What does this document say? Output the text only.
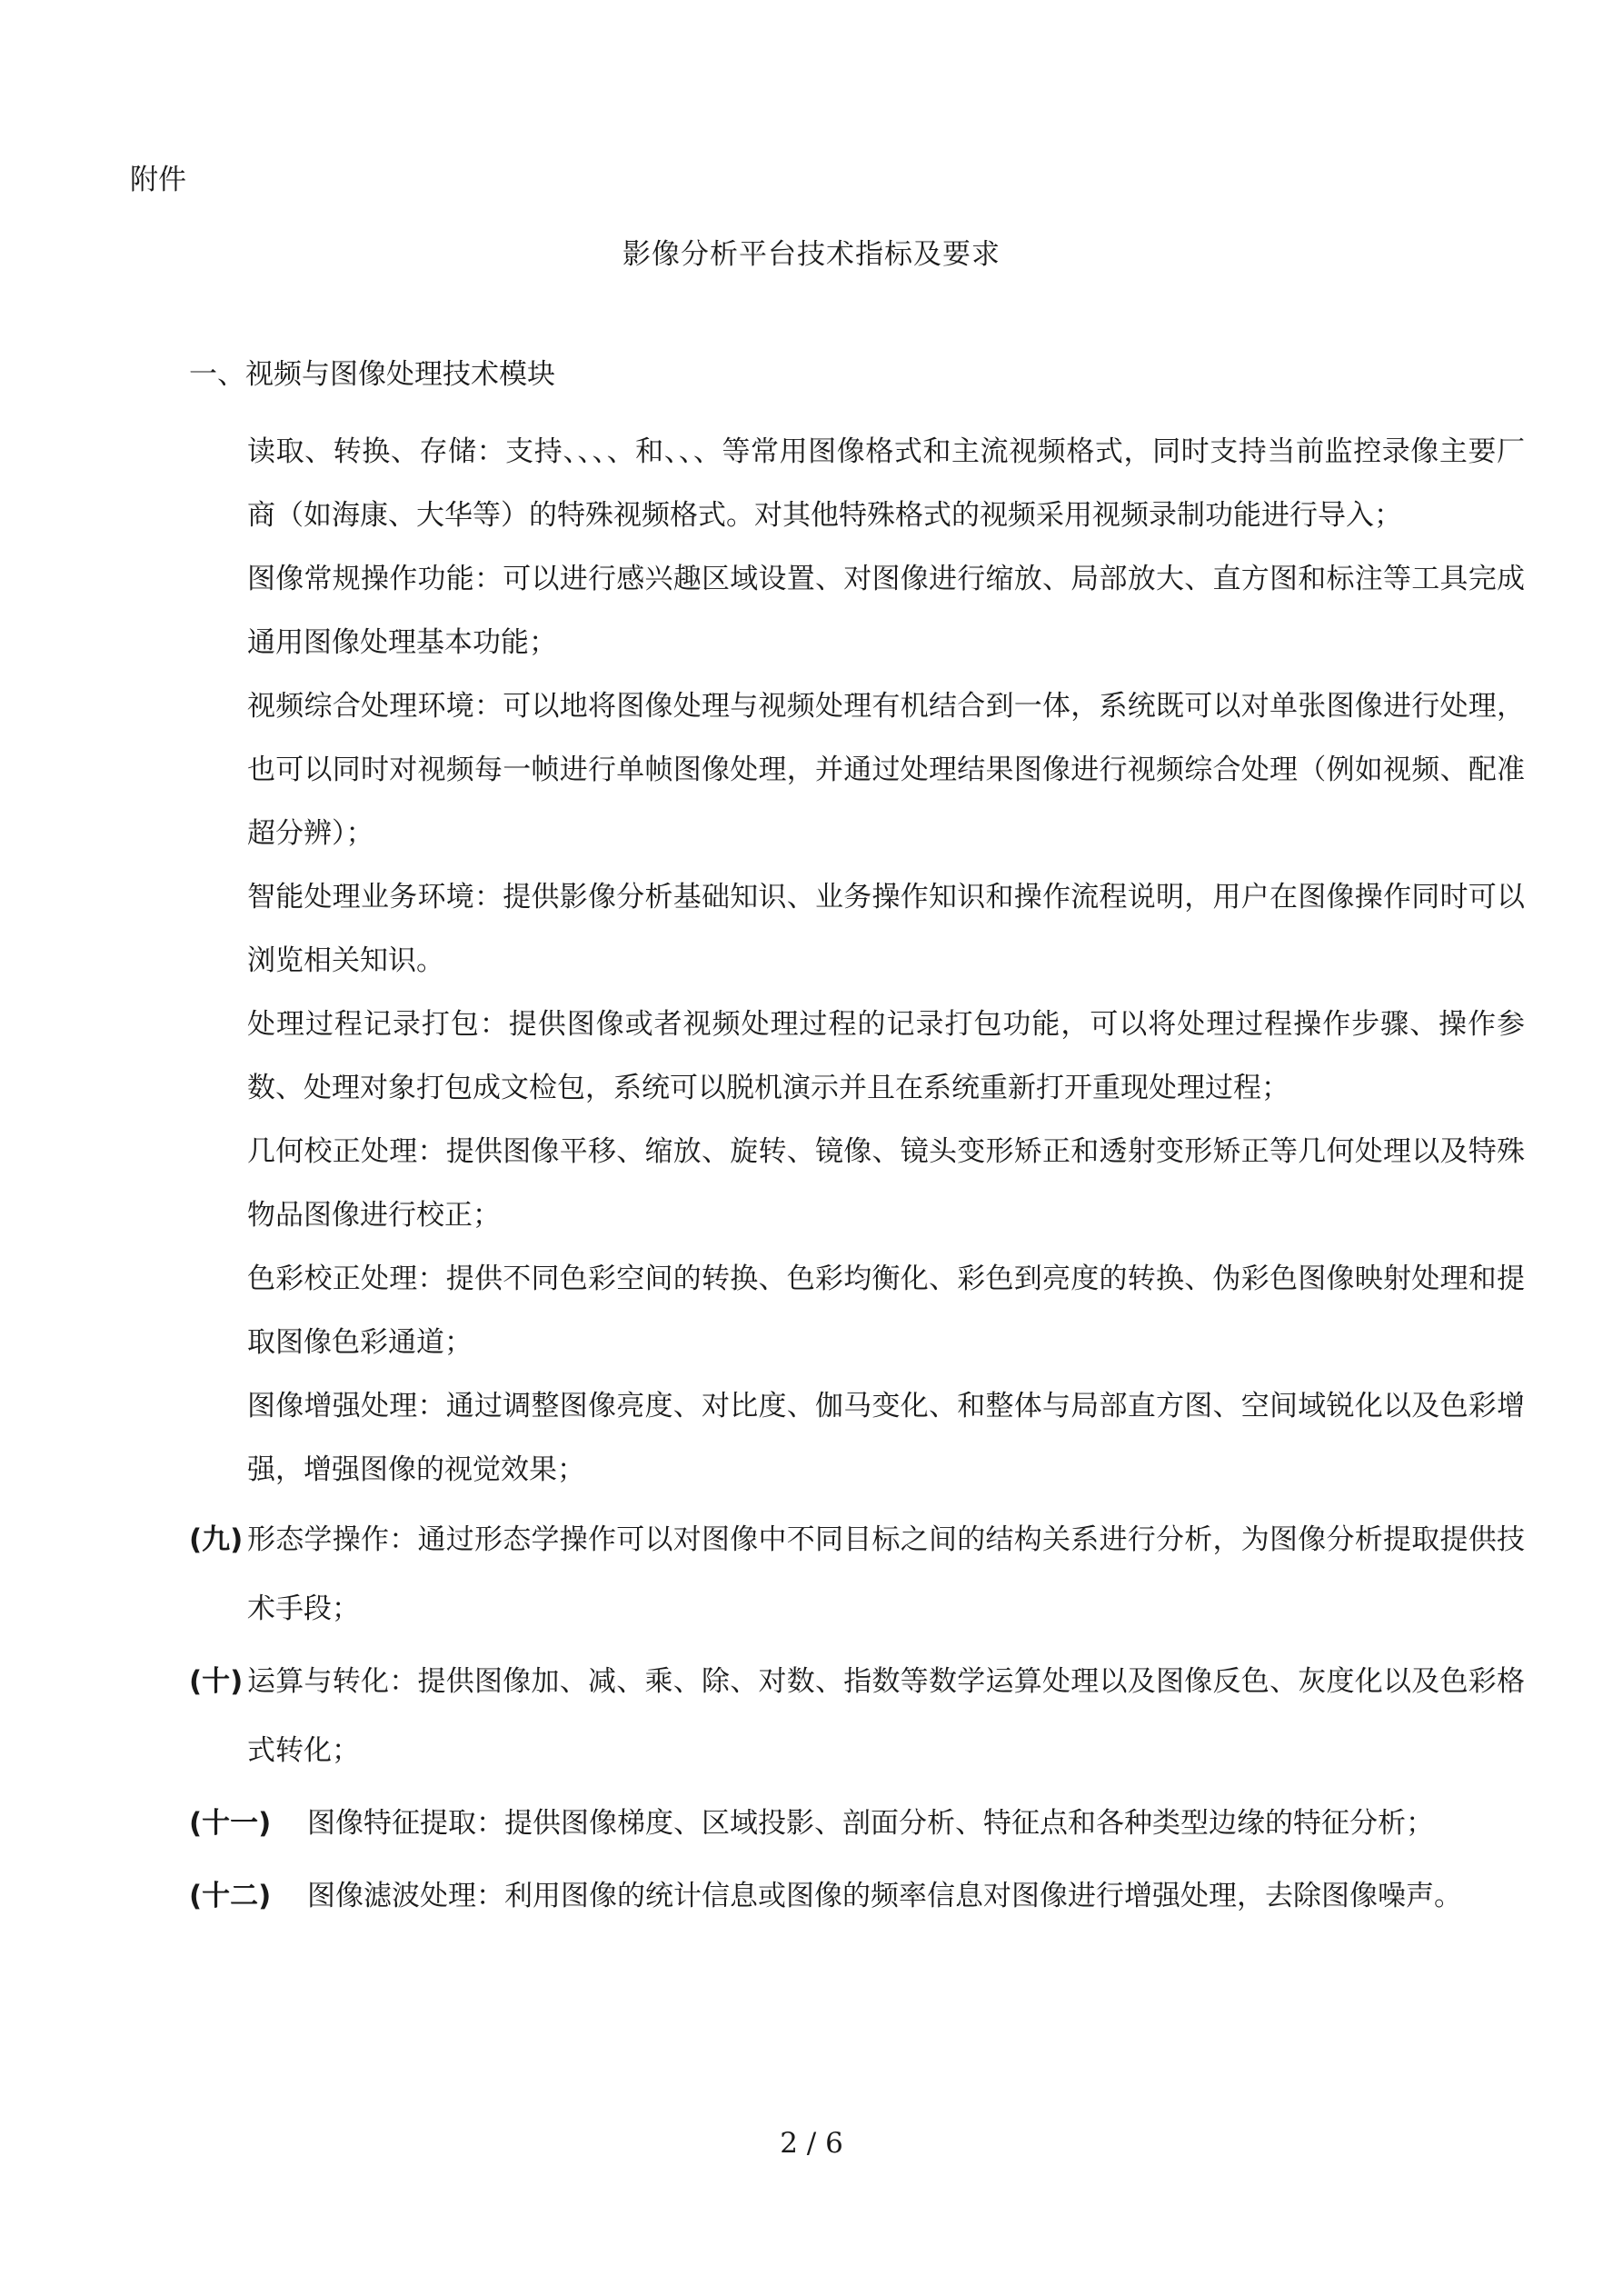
附件
影像分析平台技术指标及要求
一、视频与图像处理技术模块
读取、转换、存储：支持、、、、和、、、等常用图像格式和主流视频格式，同时支持当前监控录像主要厂商（如海康、大华等）的特殊视频格式。对其他特殊格式的视频采用视频录制功能进行导入；
图像常规操作功能：可以进行感兴趣区域设置、对图像进行缩放、局部放大、直方图和标注等工具完成通用图像处理基本功能；
视频综合处理环境：可以地将图像处理与视频处理有机结合到一体，系统既可以对单张图像进行处理，也可以同时对视频每一帧进行单帧图像处理，并通过处理结果图像进行视频综合处理（例如视频、配准超分辨）；
智能处理业务环境：提供影像分析基础知识、业务操作知识和操作流程说明，用户在图像操作同时可以浏览相关知识。
处理过程记录打包：提供图像或者视频处理过程的记录打包功能，可以将处理过程操作步骤、操作参数、处理对象打包成文检包，系统可以脱机演示并且在系统重新打开重现处理过程；
几何校正处理：提供图像平移、缩放、旋转、镜像、镜头变形矫正和透射变形矫正等几何处理以及特殊物品图像进行校正；
色彩校正处理：提供不同色彩空间的转换、色彩均衡化、彩色到亮度的转换、伪彩色图像映射处理和提取图像色彩通道；
图像增强处理：通过调整图像亮度、对比度、伽马变化、和整体与局部直方图、空间域锐化以及色彩增强，增强图像的视觉效果；
(九) 形态学操作：通过形态学操作可以对图像中不同目标之间的结构关系进行分析，为图像分析提取提供技术手段；
(十) 运算与转化：提供图像加、减、乘、除、对数、指数等数学运算处理以及图像反色、灰度化以及色彩格式转化；
(十一) 图像特征提取：提供图像梯度、区域投影、剖面分析、特征点和各种类型边缘的特征分析；
(十二) 图像滤波处理：利用图像的统计信息或图像的频率信息对图像进行增强处理，去除图像噪声。
2 / 6
